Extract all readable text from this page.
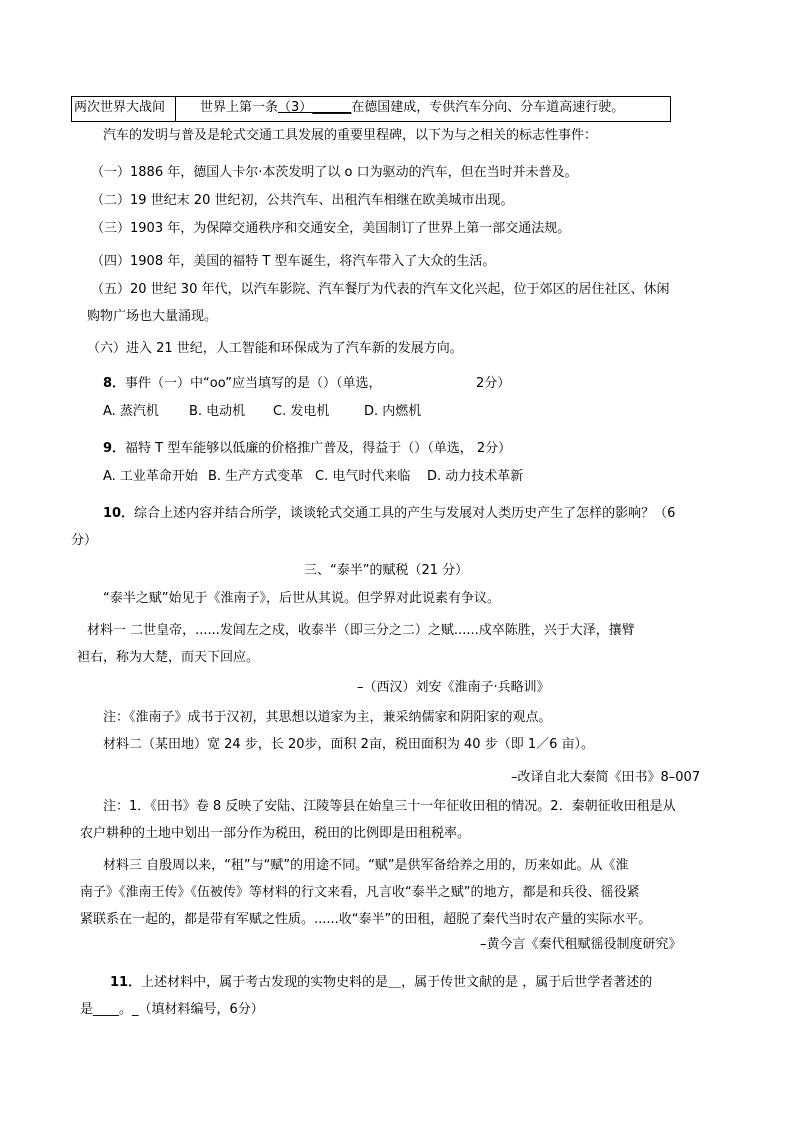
两次世界大战间	世界上第一条（3）______在德国建成，专供汽车分向、分车道高速行驶。
汽车的发明与普及是轮式交通工具发展的重要里程碑，以下为与之相关的标志性事件：
（一）1886 年，德国人卡尔·本茨发明了以 o 口为驱动的汽车，但在当时并未普及。
（二）19 世纪末 20 世纪初，公共汽车、出租汽车相继在欧美城市出现。
（三）1903 年，为保障交通秩序和交通安全，美国制订了世界上第一部交通法规。
（四）1908 年，美国的福特 T 型车诞生，将汽车带入了大众的生活。
（五）20 世纪 30 年代，以汽车影院、汽车餐厅为代表的汽车文化兴起，位于郊区的居住社区、休闲
购物广场也大量涌现。
（六）进入 21 世纪，人工智能和环保成为了汽车新的发展方向。
8．事件（一）中“oo”应当填写的是（）（单选，	2分）
A. 蒸汽机 B. 电动机 C. 发电机	D. 内燃机
9．福特 T 型车能够以低廉的价格推广普及，得益于（）（单选， 2分）
A. 工业革命开始 B. 生产方式变革 C. 电气时代来临 D. 动力技术革新
10．综合上述内容并结合所学，谈谈轮式交通工具的产生与发展对人类历史产生了怎样的影响？（6
分）
三、“泰半”的赋税（21 分）
“泰半之赋”始见于《淮南子》，后世从其说。但学界对此说素有争议。
材料一 二世皇帝，......发闾左之戍，收泰半（即三分之二）之赋......戍卒陈胜，兴于大泽，攘臂
袒右，称为大楚，而天下回应。
–（西汉）刘安《淮南子·兵略训》
注：《淮南子》成书于汉初，其思想以道家为主，兼采纳儒家和阴阳家的观点。
材料二（某田地）宽 24 步，长 20步，面积 2亩，税田面积为 40 步（即 1／6 亩）。
–改译自北大秦简《田书》8–007
注：1．《田书》卷 8 反映了安陆、江陵等县在始皇三十一年征收田租的情况。2．秦朝征收田租是从
农户耕种的土地中划出一部分作为税田，税田的比例即是田租税率。
材料三 自殷周以来，“租”与“赋”的用途不同。“赋”是供军备给养之用的，历来如此。从《淮
南子》《淮南王传》《伍被传》等材料的行文来看，凡言收“泰半之赋”的地方，都是和兵役、徭役紧
紧联系在一起的，都是带有军赋之性质。......收“泰半”的田租，超脱了秦代当时农产量的实际水平。
–黄今言《秦代租赋徭役制度研究》
11．上述材料中，属于考古发现的实物史料的是＿，属于传世文献的是 ，属于后世学者著述的
是____。_（填材料编号，6分）
